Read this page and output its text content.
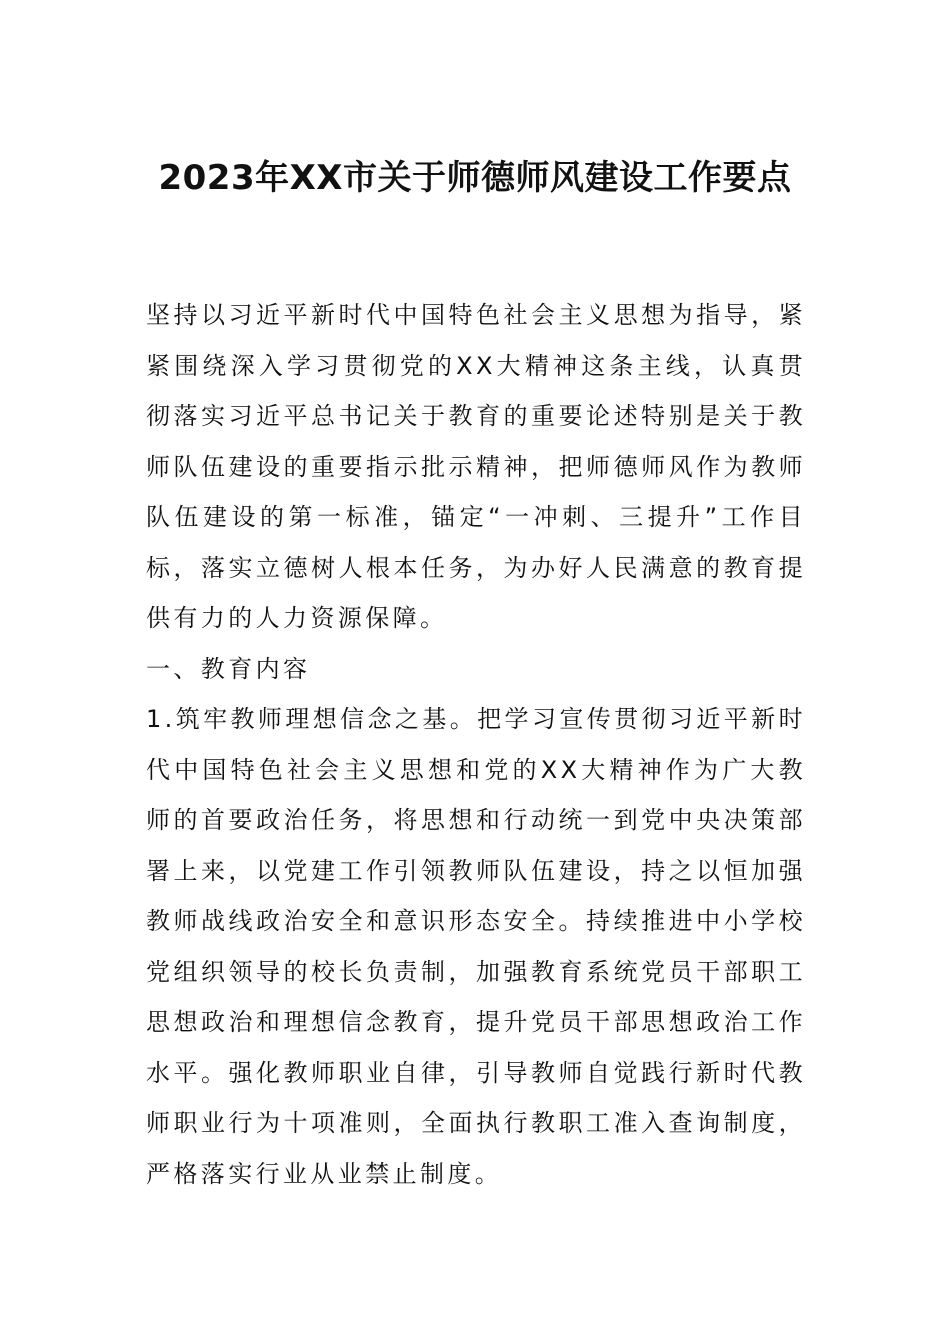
2023年XX市关于师德师风建设工作要点

坚持以习近平新时代中国特色社会主义思想为指导，紧紧围绕深入学习贯彻党的XX大精神这条主线，认真贯彻落实习近平总书记关于教育的重要论述特别是关于教师队伍建设的重要指示批示精神，把师德师风作为教师队伍建设的第一标准，锚定“一冲刺、三提升”工作目标，落实立德树人根本任务，为办好人民满意的教育提供有力的人力资源保障。

一、教育内容

1.筑牢教师理想信念之基。把学习宣传贯彻习近平新时代中国特色社会主义思想和党的XX大精神作为广大教师的首要政治任务，将思想和行动统一到党中央决策部署上来，以党建工作引领教师队伍建设，持之以恒加强教师战线政治安全和意识形态安全。持续推进中小学校党组织领导的校长负责制，加强教育系统党员干部职工思想政治和理想信念教育，提升党员干部思想政治工作水平。强化教师职业自律，引导教师自觉践行新时代教师职业行为十项准则，全面执行教职工准入查询制度，严格落实行业从业禁止制度。
